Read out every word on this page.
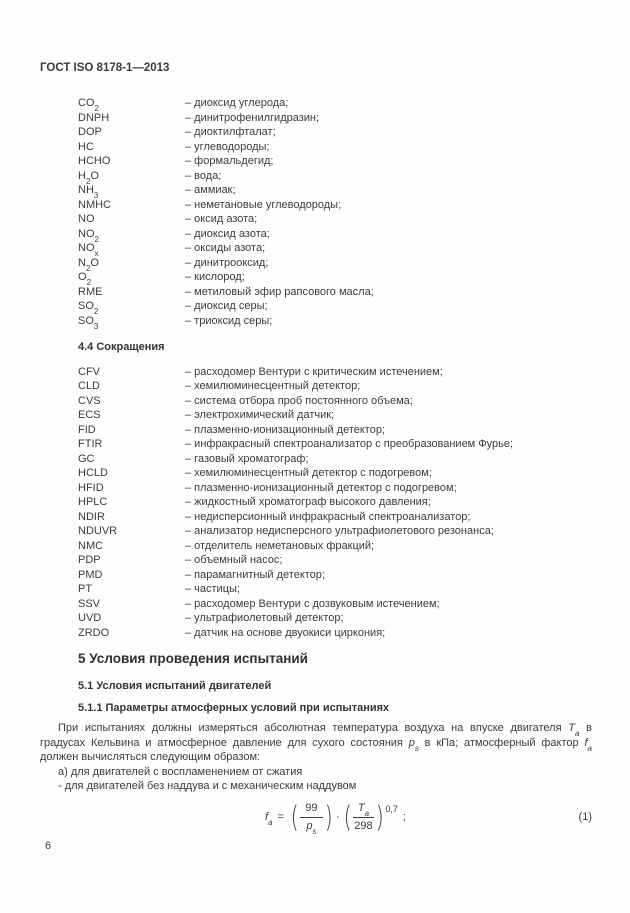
ГОСТ ISO 8178-1—2013
$CO_2$	– диоксид углерода;
DNPH	– динитрофенилгидразин;
DOP	– диоктилфталат;
HC	– углеводороды;
HCHO	– формальдегид;
$H_2O$	– вода;
$NH_3$	– аммиак;
NMHC	– неметановые углеводороды;
NO	– оксид азота;
$NO_2$	– диоксид азота;
$NO_x$	– оксиды азота;
$N_2O$	– динитрооксид;
$O_2$	– кислород;
RME	– метиловый эфир рапсового масла;
$SO_2$	– диоксид серы;
$SO_3$	– триоксид серы;
4.4 Сокращения
CFV	– расходомер Вентури с критическим истечением;
CLD	– хемилюминесцентный детектор;
CVS	– система отбора проб постоянного объема;
ECS	– электрохимический датчик;
FID	– плазменно-ионизационный детектор;
FTIR	– инфракрасный спектроанализатор с преобразованием Фурье;
GC	– газовый хроматограф;
HCLD	– хемилюминесцентный детектор с подогревом;
HFID	– плазменно-ионизационный детектор с подогревом;
HPLC	– жидкостный хроматограф высокого давления;
NDIR	– недисперсионный инфракрасный спектроанализатор;
NDUVR	– анализатор недисперсного ультрафиолетового резонанса;
NMC	– отделитель неметановых фракций;
PDP	– объемный насос;
PMD	– парамагнитный детектор;
PT	– частицы;
SSV	– расходомер Вентури с дозвуковым истечением;
UVD	– ультрафиолетовый детектор;
ZRDO	– датчик на основе двуокиси циркония;
5 Условия проведения испытаний
5.1 Условия испытаний двигателей
5.1.1 Параметры атмосферных условий при испытаниях

При испытаниях должны измеряться абсолютная температура воздуха на впуске двигателя $T_а$ в градусах Кельвина и атмосферное давление для сухого состояния $p_s$ в кПа; атмосферный фактор $f_а$ должен вычисляться следующим образом:

а) для двигателей с воспламенением от сжатия
- для двигателей без наддува и с механическим наддувом
$f_а$ = ( $\frac{99}{p_s}$ ) · ( $\frac{T_а}{298} )^{0,7}$
;	(1)
6
